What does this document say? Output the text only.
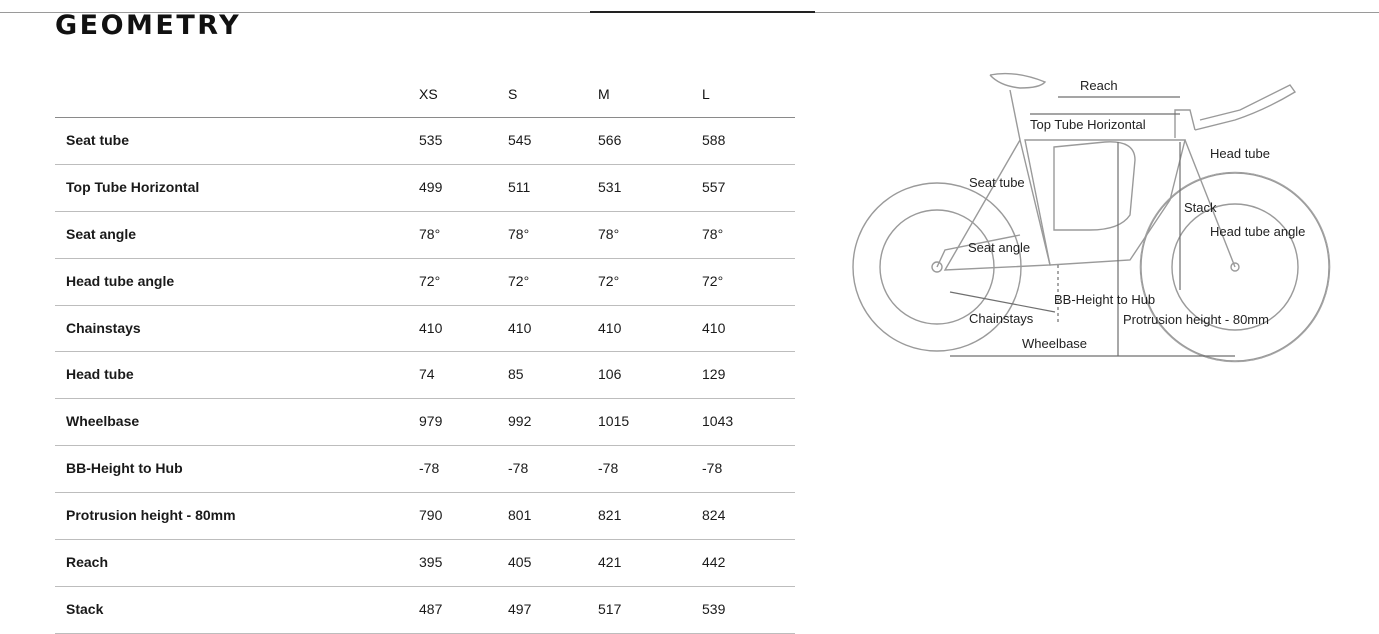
GEOMETRY
XS	S	M	L
Seat tube	535	545	566	588
Top Tube Horizontal	499	511	531	557
Seat angle	78°	78°	78°	78°
Head tube angle	72°	72°	72°	72°
Chainstays	410	410	410	410
Head tube	74	85	106	129
Wheelbase	979	992	1015	1043
BB-Height to Hub	-78	-78	-78	-78
Protrusion height - 80mm	790	801	821	824
Reach	395	405	421	442
Stack	487	497	517	539
Reach
Top Tube Horizontal
Head tube
Seat tube
Stack
Seat angle
Head tube angle
BB-Height to Hub
Chainstays	Protrusion height - 80mm
Wheelbase
